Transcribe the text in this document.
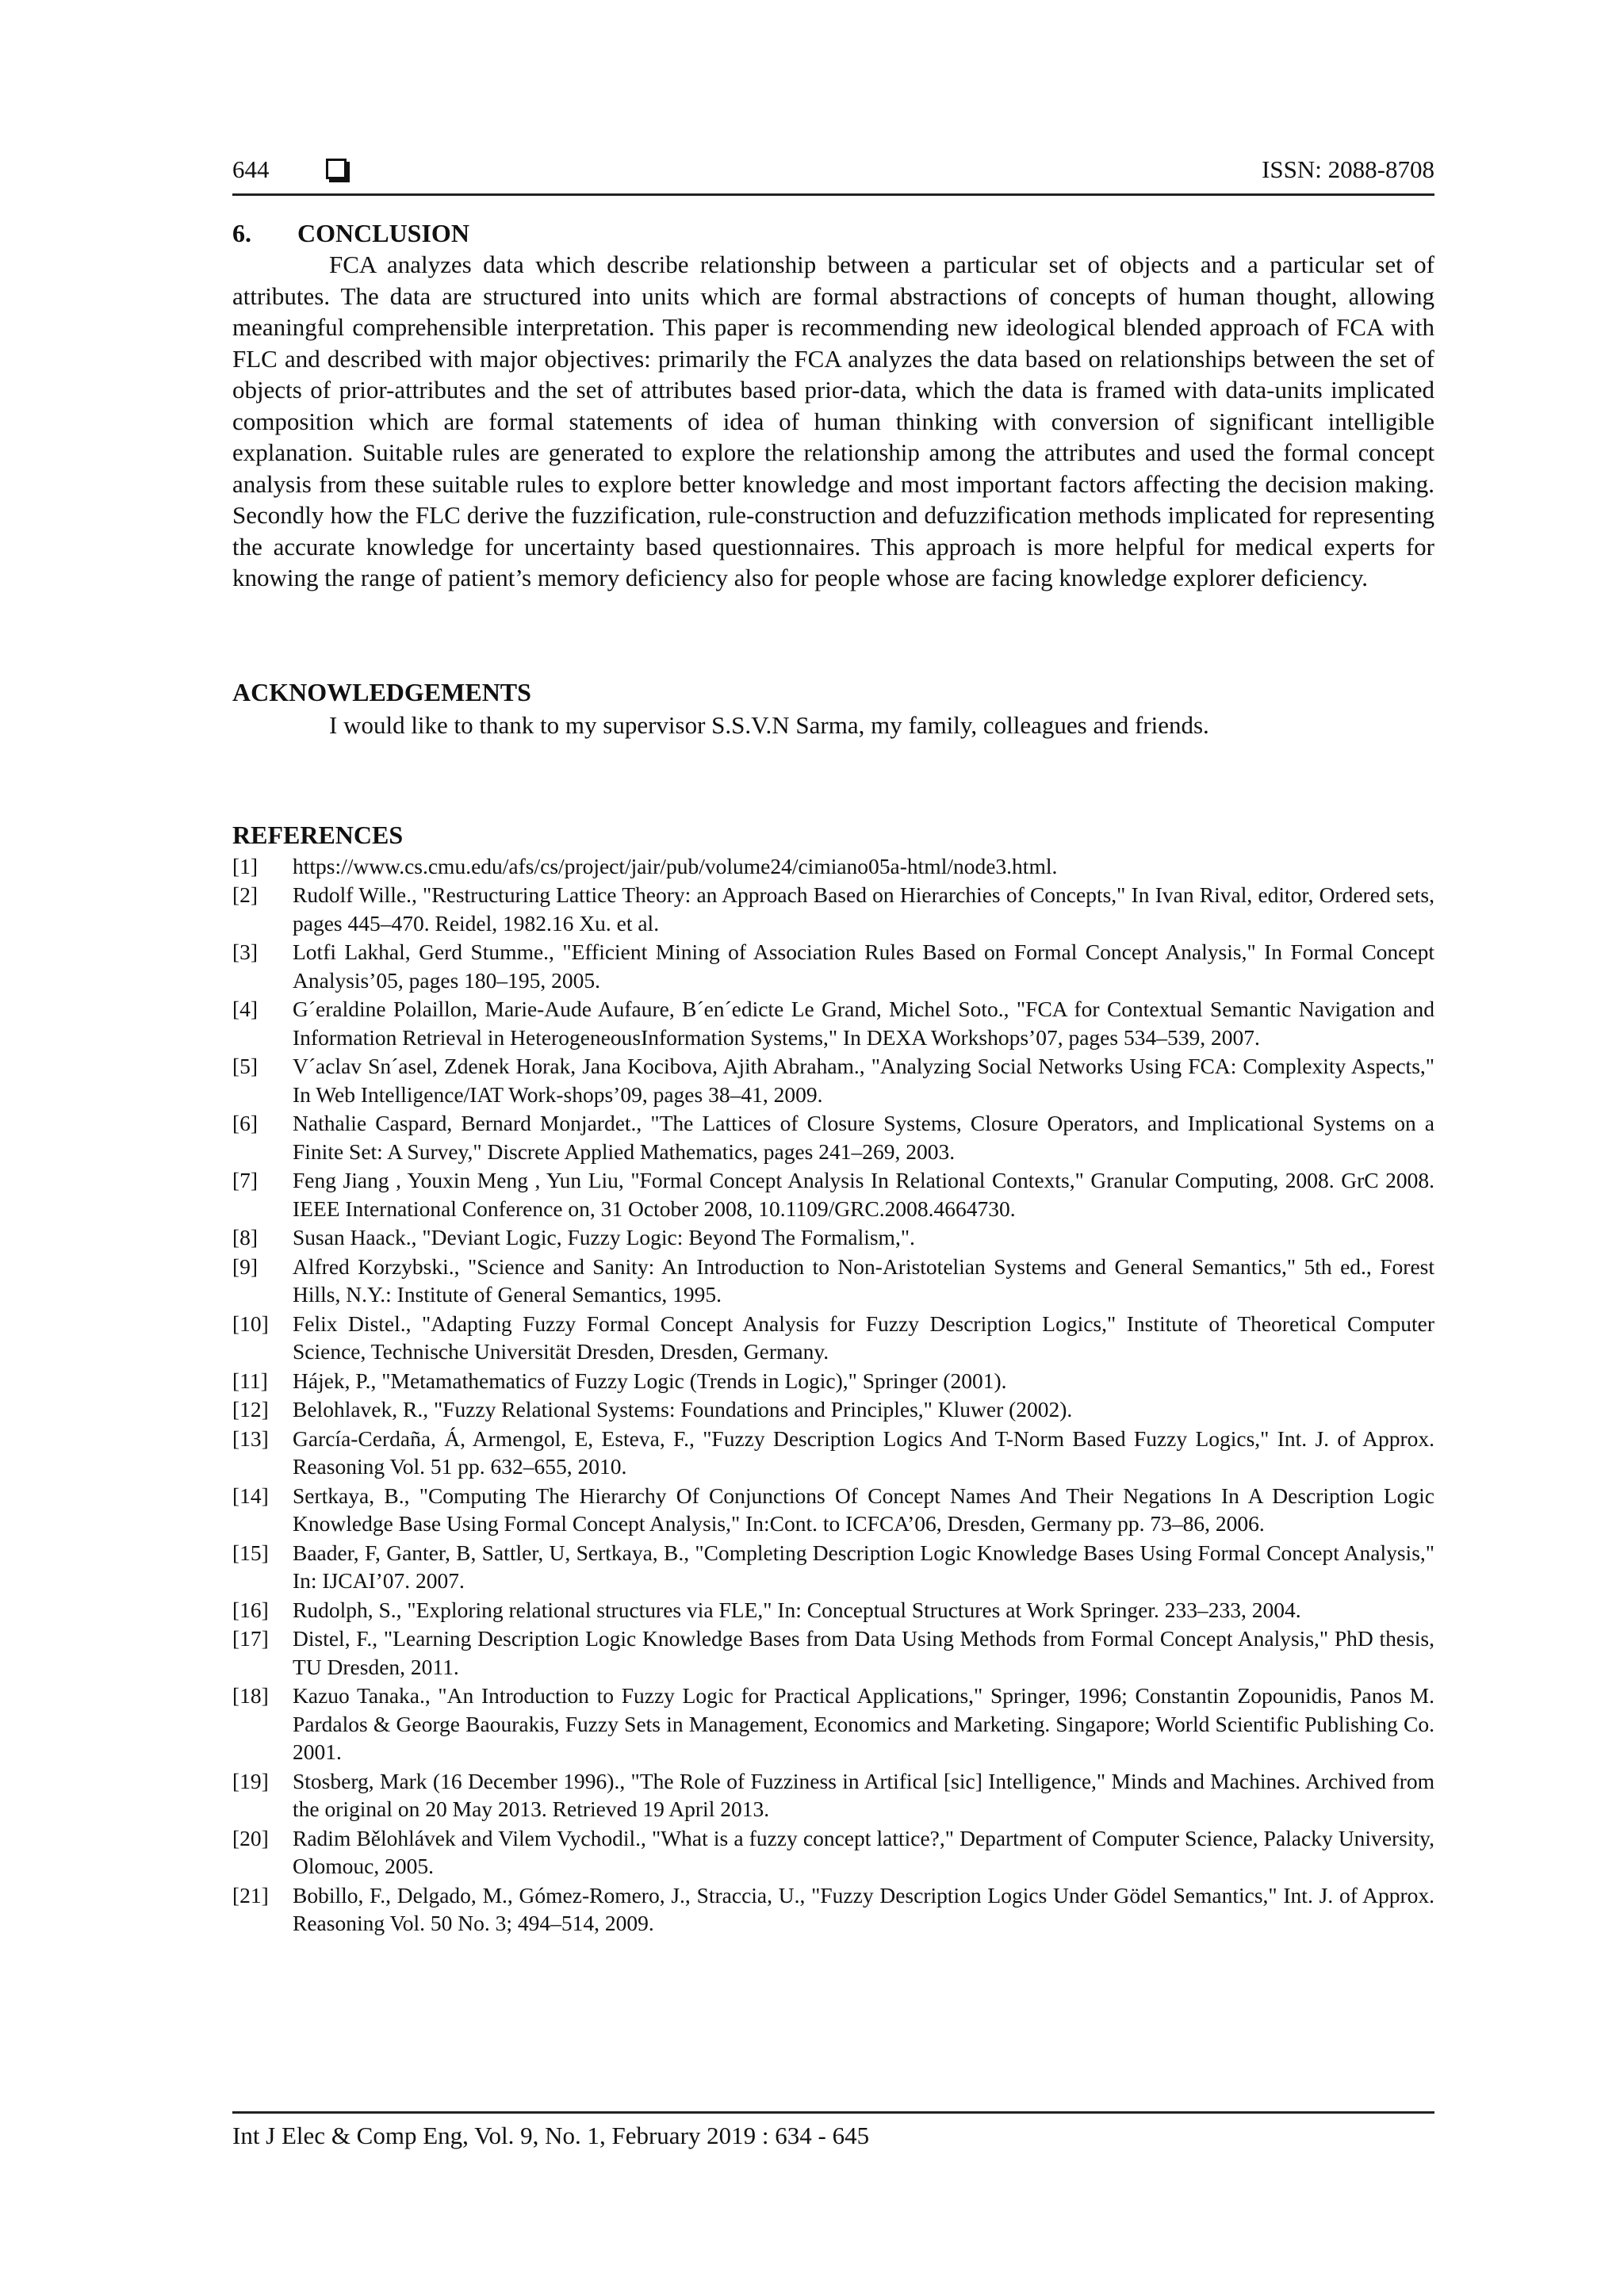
644	ISSN: 2088-8708
6. CONCLUSION

FCA analyzes data which describe relationship between a particular set of objects and a particular set of attributes. The data are structured into units which are formal abstractions of concepts of human thought, allowing meaningful comprehensible interpretation. This paper is recommending new ideological blended approach of FCA with FLC and described with major objectives: primarily the FCA analyzes the data based on relationships between the set of objects of prior-attributes and the set of attributes based prior-data, which the data is framed with data-units implicated composition which are formal statements of idea of human thinking with conversion of significant intelligible explanation. Suitable rules are generated to explore the relationship among the attributes and used the formal concept analysis from these suitable rules to explore better knowledge and most important factors affecting the decision making. Secondly how the FLC derive the fuzzification, rule-construction and defuzzification methods implicated for representing the accurate knowledge for uncertainty based questionnaires. This approach is more helpful for medical experts for knowing the range of patient’s memory deficiency also for people whose are facing knowledge explorer deficiency.

ACKNOWLEDGEMENTS

I would like to thank to my supervisor S.S.V.N Sarma, my family, colleagues and friends.

REFERENCES
[1] https://www.cs.cmu.edu/afs/cs/project/jair/pub/volume24/cimiano05a-html/node3.html.
[2] Rudolf Wille., "Restructuring Lattice Theory: an Approach Based on Hierarchies of Concepts," In Ivan Rival, editor, Ordered sets, pages 445–470. Reidel, 1982.16 Xu. et al.
[3] Lotfi Lakhal, Gerd Stumme., "Efficient Mining of Association Rules Based on Formal Concept Analysis," In Formal Concept Analysis’05, pages 180–195, 2005.
[4] G´eraldine Polaillon, Marie-Aude Aufaure, B´en´edicte Le Grand, Michel Soto., "FCA for Contextual Semantic Navigation and Information Retrieval in HeterogeneousInformation Systems," In DEXA Workshops’07, pages 534–539, 2007.
[5] V´aclav Sn´asel, Zdenek Horak, Jana Kocibova, Ajith Abraham., "Analyzing Social Networks Using FCA: Complexity Aspects," In Web Intelligence/IAT Work-shops’09, pages 38–41, 2009.
[6] Nathalie Caspard, Bernard Monjardet., "The Lattices of Closure Systems, Closure Operators, and Implicational Systems on a Finite Set: A Survey," Discrete Applied Mathematics, pages 241–269, 2003.
[7] Feng Jiang , Youxin Meng , Yun Liu, "Formal Concept Analysis In Relational Contexts," Granular Computing, 2008. GrC 2008. IEEE International Conference on, 31 October 2008, 10.1109/GRC.2008.4664730.
[8] Susan Haack., "Deviant Logic, Fuzzy Logic: Beyond The Formalism,".
[9] Alfred Korzybski., "Science and Sanity: An Introduction to Non-Aristotelian Systems and General Semantics," 5th ed., Forest Hills, N.Y.: Institute of General Semantics, 1995.
[10] Felix Distel., "Adapting Fuzzy Formal Concept Analysis for Fuzzy Description Logics," Institute of Theoretical Computer Science, Technische Universität Dresden, Dresden, Germany.
[11] Hájek, P., "Metamathematics of Fuzzy Logic (Trends in Logic)," Springer (2001).
[12] Belohlavek, R., "Fuzzy Relational Systems: Foundations and Principles," Kluwer (2002).
[13] García-Cerdaña, Á, Armengol, E, Esteva, F., "Fuzzy Description Logics And T-Norm Based Fuzzy Logics," Int. J. of Approx. Reasoning Vol. 51 pp. 632–655, 2010.
[14] Sertkaya, B., "Computing The Hierarchy Of Conjunctions Of Concept Names And Their Negations In A Description Logic Knowledge Base Using Formal Concept Analysis," In:Cont. to ICFCA’06, Dresden, Germany pp. 73–86, 2006.
[15] Baader, F, Ganter, B, Sattler, U, Sertkaya, B., "Completing Description Logic Knowledge Bases Using Formal Concept Analysis," In: IJCAI’07. 2007.
[16] Rudolph, S., "Exploring relational structures via FLE," In: Conceptual Structures at Work Springer. 233–233, 2004.
[17] Distel, F., "Learning Description Logic Knowledge Bases from Data Using Methods from Formal Concept Analysis," PhD thesis, TU Dresden, 2011.
[18] Kazuo Tanaka., "An Introduction to Fuzzy Logic for Practical Applications," Springer, 1996; Constantin Zopounidis, Panos M. Pardalos & George Baourakis, Fuzzy Sets in Management, Economics and Marketing. Singapore; World Scientific Publishing Co. 2001.
[19] Stosberg, Mark (16 December 1996)., "The Role of Fuzziness in Artifical [sic] Intelligence," Minds and Machines. Archived from the original on 20 May 2013. Retrieved 19 April 2013.
[20] Radim Bělohlávek and Vilem Vychodil., "What is a fuzzy concept lattice?," Department of Computer Science, Palacky University, Olomouc, 2005.
[21] Bobillo, F., Delgado, M., Gómez-Romero, J., Straccia, U., "Fuzzy Description Logics Under Gödel Semantics," Int. J. of Approx. Reasoning Vol. 50 No. 3; 494–514, 2009.
Int J Elec & Comp Eng, Vol. 9, No. 1, February 2019 : 634 - 645
